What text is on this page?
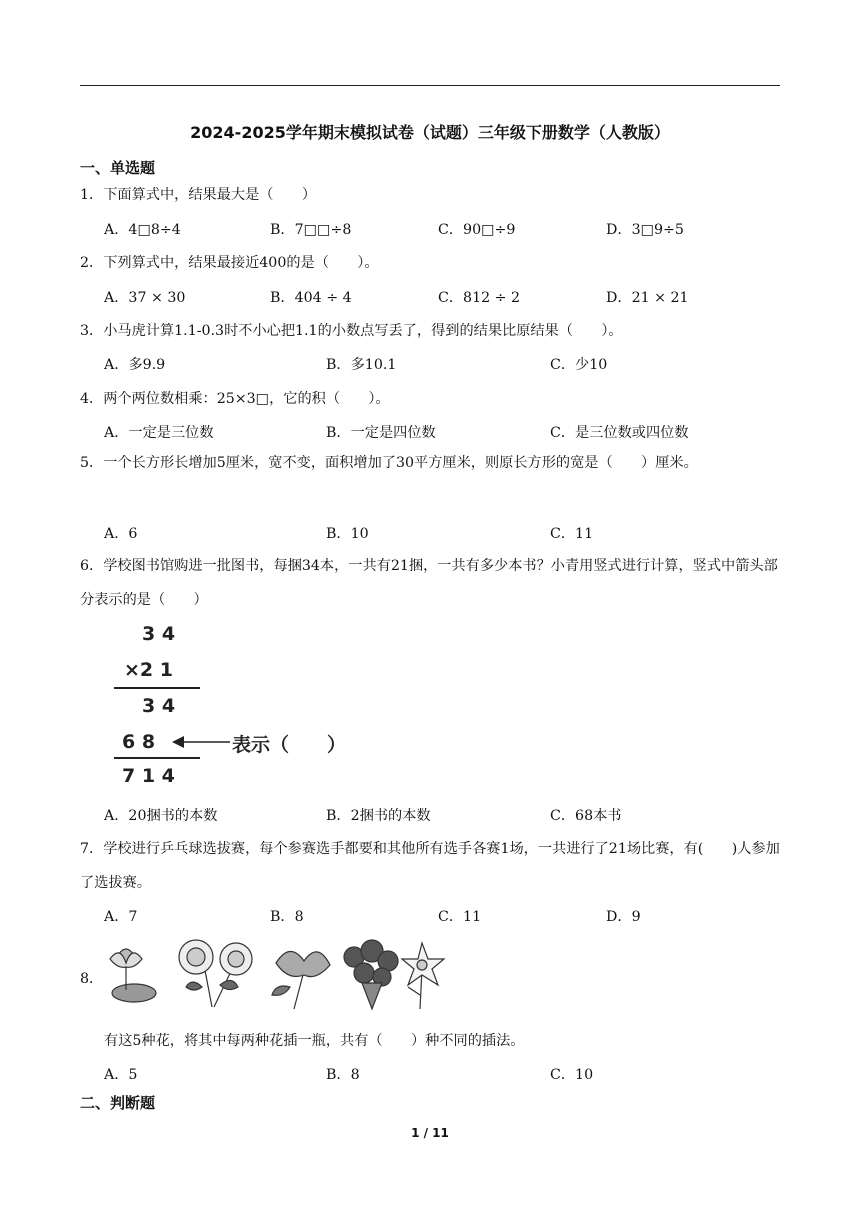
2024-2025学年期末模拟试卷（试题）三年级下册数学（人教版）
一、单选题
1．下面算式中，结果最大是（　　）
A．4□8÷4	B．7□□÷8	C．90□÷9	D．3□9÷5
2．下列算式中，结果最接近400的是（　　）。
A．37 × 30	B．404 ÷ 4	C．812 ÷ 2	D．21 × 21
3．小马虎计算1.1-0.3时不小心把1.1的小数点写丢了，得到的结果比原结果（　　）。
A．多9.9	B．多10.1	C．少10
4．两个两位数相乘：25×3□，它的积（　　）。
A．一定是三位数	B．一定是四位数	C．是三位数或四位数
5．一个长方形长增加5厘米，宽不变，面积增加了30平方厘米，则原长方形的宽是（　　）厘米。
A．6	B．10	C．11
6．学校图书馆购进一批图书，每捆34本，一共有21捆，一共有多少本书？小青用竖式进行计算，竖式中箭头部分表示的是（　　）
3 4
×2 1
3 4
6 8	表示（　　）
7 1 4
A．20捆书的本数	B．2捆书的本数	C．68本书
7．学校进行乒乓球选拔赛，每个参赛选手都要和其他所有选手各赛1场，一共进行了21场比赛，有(　　)人参加了选拔赛。
A．7	B．8	C．11	D．9
8．
有这5种花，将其中每两种花插一瓶，共有（　　）种不同的插法。
A．5	B．8	C．10
二、判断题
1 / 11
